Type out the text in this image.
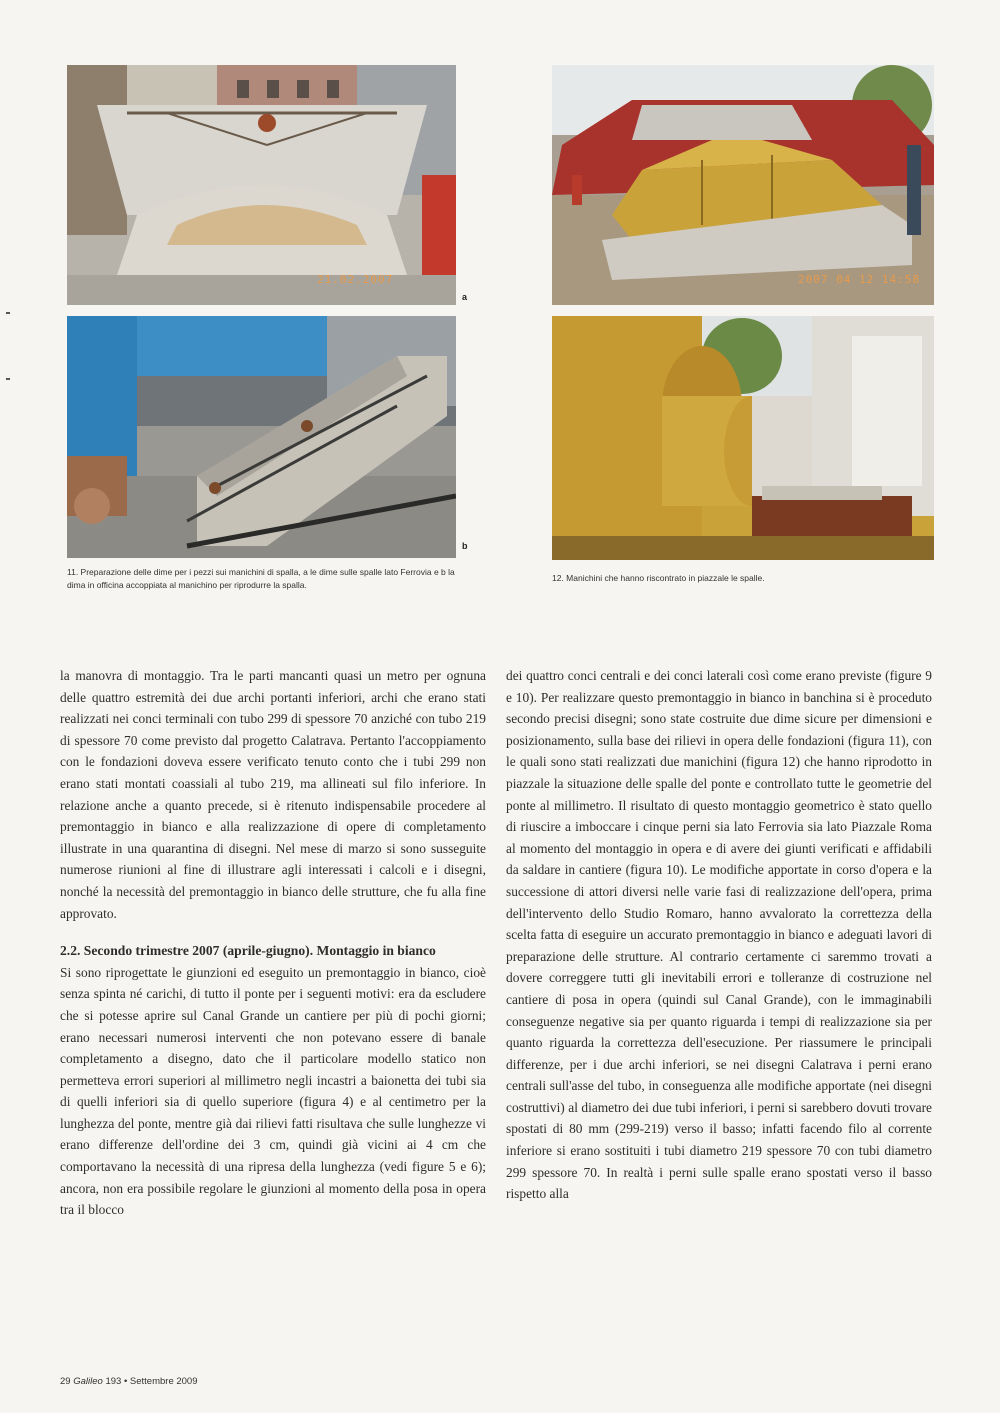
21.02.2007
a
b
2007 04 12 14:58
11. Preparazione delle dime per i pezzi sui manichini di spalla, a le dime sulle spalle lato Ferrovia e b la dima in officina accoppiata al manichino per riprodurre la spalla.
12. Manichini che hanno riscontrato in piazzale le spalle.

la manovra di montaggio. Tra le parti mancanti quasi un metro per ognuna delle quattro estremità dei due archi portanti inferiori, archi che erano stati realizzati nei conci terminali con tubo 299 di spessore 70 anziché con tubo 219 di spessore 70 come previsto dal progetto Calatrava. Pertanto l'accoppiamento con le fondazioni doveva essere verificato tenuto conto che i tubi 299 non erano stati montati coassiali al tubo 219, ma allineati sul filo inferiore. In relazione anche a quanto precede, si è ritenuto indispensabile procedere al premontaggio in bianco e alla realizzazione di opere di completamento illustrate in una quarantina di disegni. Nel mese di marzo si sono susseguite numerose riunioni al fine di illustrare agli interessati i calcoli e i disegni, nonché la necessità del premontaggio in bianco delle strutture, che fu alla fine approvato.

2.2. Secondo trimestre 2007 (aprile-giugno). Montaggio in bianco

Si sono riprogettate le giunzioni ed eseguito un premontaggio in bianco, cioè senza spinta né carichi, di tutto il ponte per i seguenti motivi: era da escludere che si potesse aprire sul Canal Grande un cantiere per più di pochi giorni; erano necessari numerosi interventi che non potevano essere di banale completamento a disegno, dato che il particolare modello statico non permetteva errori superiori al millimetro negli incastri a baionetta dei tubi sia di quelli inferiori sia di quello superiore (figura 4) e al centimetro per la lunghezza del ponte, mentre già dai rilievi fatti risultava che sulle lunghezze vi erano differenze dell'ordine dei 3 cm, quindi già vicini ai 4 cm che comportavano la necessità di una ripresa della lunghezza (vedi figure 5 e 6); ancora, non era possibile regolare le giunzioni al momento della posa in opera tra il blocco

dei quattro conci centrali e dei conci laterali così come erano previste (figure 9 e 10). Per realizzare questo premontaggio in bianco in banchina si è proceduto secondo precisi disegni; sono state costruite due dime sicure per dimensioni e posizionamento, sulla base dei rilievi in opera delle fondazioni (figura 11), con le quali sono stati realizzati due manichini (figura 12) che hanno riprodotto in piazzale la situazione delle spalle del ponte e controllato tutte le geometrie del ponte al millimetro. Il risultato di questo montaggio geometrico è stato quello di riuscire a imboccare i cinque perni sia lato Ferrovia sia lato Piazzale Roma al momento del montaggio in opera e di avere dei giunti verificati e affidabili da saldare in cantiere (figura 10). Le modifiche apportate in corso d'opera e la successione di attori diversi nelle varie fasi di realizzazione dell'opera, prima dell'intervento dello Studio Romaro, hanno avvalorato la correttezza della scelta fatta di eseguire un accurato premontaggio in bianco e adeguati lavori di preparazione delle strutture. Al contrario certamente ci saremmo trovati a dovere correggere tutti gli inevitabili errori e tolleranze di costruzione nel cantiere di posa in opera (quindi sul Canal Grande), con le immaginabili conseguenze negative sia per quanto riguarda i tempi di realizzazione sia per quanto riguarda la correttezza dell'esecuzione. Per riassumere le principali differenze, per i due archi inferiori, se nei disegni Calatrava i perni erano centrali sull'asse del tubo, in conseguenza alle modifiche apportate (nei disegni costruttivi) al diametro dei due tubi inferiori, i perni si sarebbero dovuti trovare spostati di 80 mm (299-219) verso il basso; infatti facendo filo al corrente inferiore si erano sostituiti i tubi diametro 219 spessore 70 con tubi diametro 299 spessore 70. In realtà i perni sulle spalle erano spostati verso il basso rispetto alla

29 Galileo 193 • Settembre 2009
